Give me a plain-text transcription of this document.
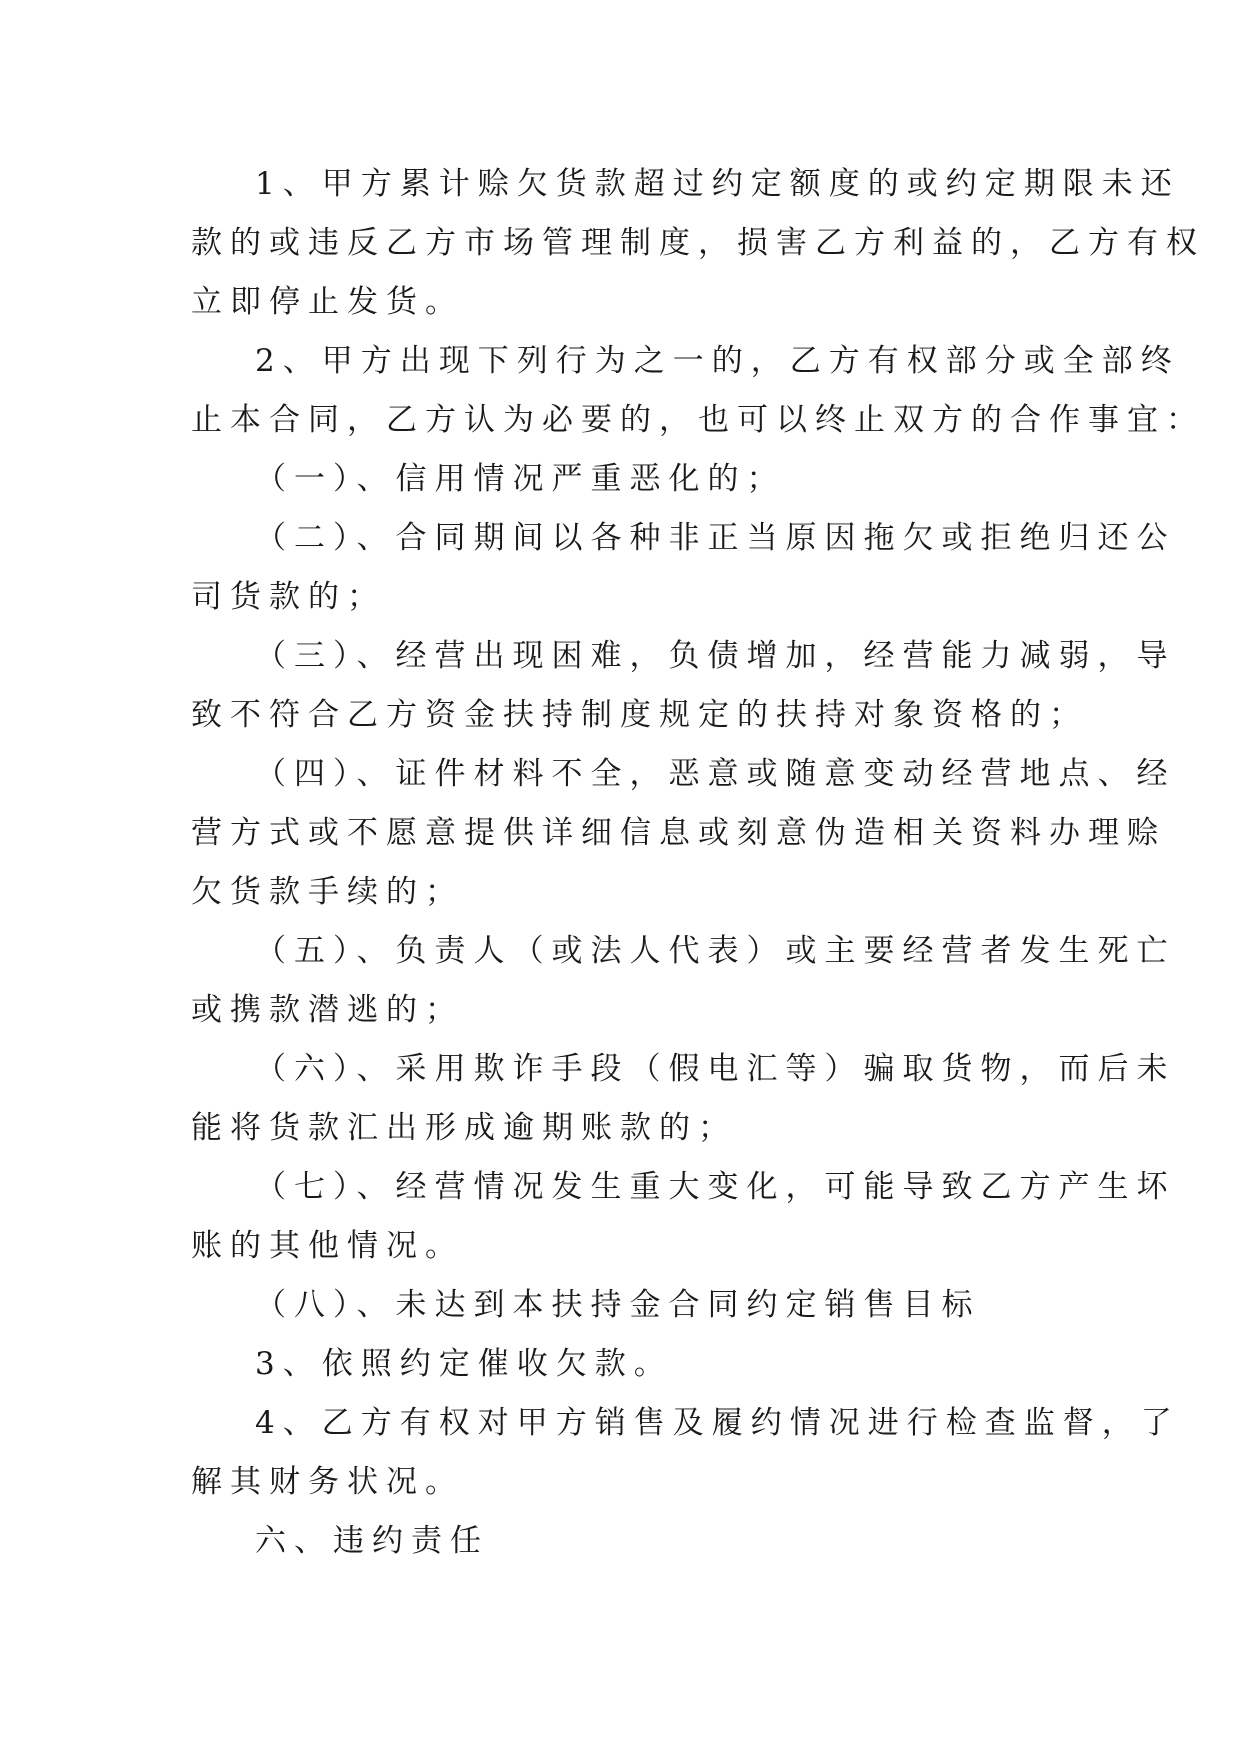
1、甲方累计赊欠货款超过约定额度的或约定期限未还
款的或违反乙方市场管理制度，损害乙方利益的，乙方有权
立即停止发货。
2、甲方出现下列行为之一的，乙方有权部分或全部终
止本合同，乙方认为必要的，也可以终止双方的合作事宜：
（一）、信用情况严重恶化的；
（二）、合同期间以各种非正当原因拖欠或拒绝归还公
司货款的；
（三）、经营出现困难，负债增加，经营能力减弱，导
致不符合乙方资金扶持制度规定的扶持对象资格的；
（四）、证件材料不全，恶意或随意变动经营地点、经
营方式或不愿意提供详细信息或刻意伪造相关资料办理赊
欠货款手续的；
（五）、负责人（或法人代表）或主要经营者发生死亡
或携款潜逃的；
（六）、采用欺诈手段（假电汇等）骗取货物，而后未
能将货款汇出形成逾期账款的；
（七）、经营情况发生重大变化，可能导致乙方产生坏
账的其他情况。
（八）、未达到本扶持金合同约定销售目标
3、依照约定催收欠款。
4、乙方有权对甲方销售及履约情况进行检查监督，了
解其财务状况。
六、违约责任
